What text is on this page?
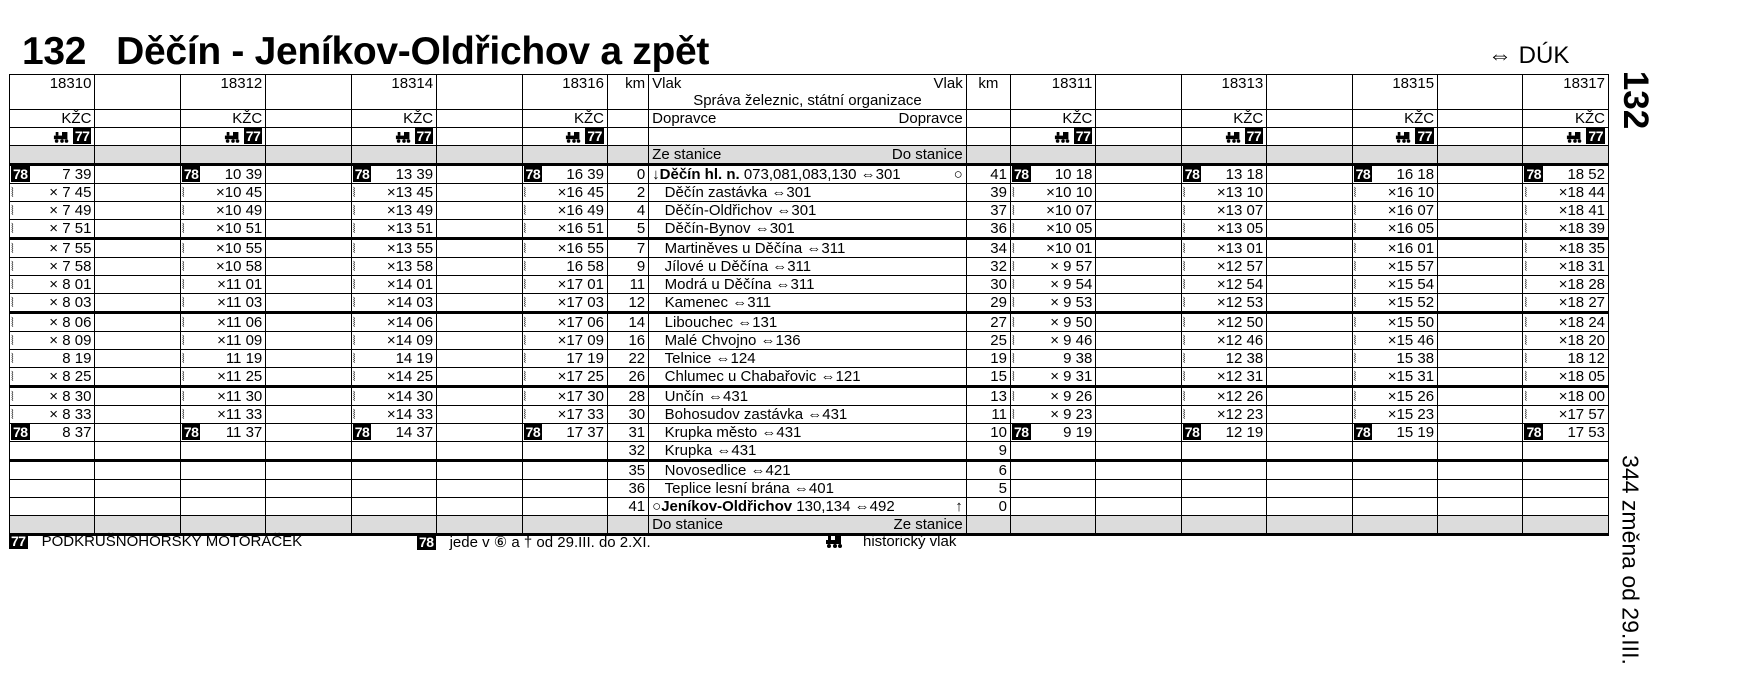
132 Děčín - Jeníkov-Oldřichov a zpět	⇔ DÚK
132
344 změna od 29.III.
18310		18312		18314		18316	km	Vlak Vlak	km	18311		18313		18315		18317
								Správa železnic, státní organizace								
KŽC		KŽC		KŽC		KŽC		Dopravce Dopravce		KŽC		KŽC		KŽC		KŽC
77		77		77		77				77		77		77		77

								Ze stanice Do stanice								

78 7 39		78 10 39		78 13 39		78 16 39	0	↓Děčín hl. n. 073,081,083,130 ⇔301 ○	41	78 10 18		78 13 18		78 16 18		78 18 52

⦚ × 7 45		⦚ ×10 45		⦚ ×13 45		⦚ ×16 45	2	Děčín zastávka ⇔301	39	⦚ ×10 10		⦚ ×13 10		⦚ ×16 10		⦚ ×18 44

⦚ × 7 49		⦚ ×10 49		⦚ ×13 49		⦚ ×16 49	4	Děčín-Oldřichov ⇔301	37	⦚ ×10 07		⦚ ×13 07		⦚ ×16 07		⦚ ×18 41

⦚ × 7 51		⦚ ×10 51		⦚ ×13 51		⦚ ×16 51	5	Děčín-Bynov ⇔301	36	⦚ ×10 05		⦚ ×13 05		⦚ ×16 05		⦚ ×18 39

⦚ × 7 55		⦚ ×10 55		⦚ ×13 55		⦚ ×16 55	7	Martiněves u Děčína ⇔311	34	⦚ ×10 01		⦚ ×13 01		⦚ ×16 01		⦚ ×18 35

⦚ × 7 58		⦚ ×10 58		⦚ ×13 58		⦚ 16 58	9	Jílové u Děčína ⇔311	32	⦚ × 9 57		⦚ ×12 57		⦚ ×15 57		⦚ ×18 31

⦚ × 8 01		⦚ ×11 01		⦚ ×14 01		⦚ ×17 01	11	Modrá u Děčína ⇔311	30	⦚ × 9 54		⦚ ×12 54		⦚ ×15 54		⦚ ×18 28

⦚ × 8 03		⦚ ×11 03		⦚ ×14 03		⦚ ×17 03	12	Kamenec ⇔311	29	⦚ × 9 53		⦚ ×12 53		⦚ ×15 52		⦚ ×18 27

⦚ × 8 06		⦚ ×11 06		⦚ ×14 06		⦚ ×17 06	14	Libouchec ⇔131	27	⦚ × 9 50		⦚ ×12 50		⦚ ×15 50		⦚ ×18 24

⦚ × 8 09		⦚ ×11 09		⦚ ×14 09		⦚ ×17 09	16	Malé Chvojno ⇔136	25	⦚ × 9 46		⦚ ×12 46		⦚ ×15 46		⦚ ×18 20

⦚ 8 19		⦚ 11 19		⦚ 14 19		⦚ 17 19	22	Telnice ⇔124	19	⦚ 9 38		⦚ 12 38		⦚ 15 38		⦚ 18 12

⦚ × 8 25		⦚ ×11 25		⦚ ×14 25		⦚ ×17 25	26	Chlumec u Chabařovic ⇔121	15	⦚ × 9 31		⦚ ×12 31		⦚ ×15 31		⦚ ×18 05

⦚ × 8 30		⦚ ×11 30		⦚ ×14 30		⦚ ×17 30	28	Unčín ⇔431	13	⦚ × 9 26		⦚ ×12 26		⦚ ×15 26		⦚ ×18 00

⦚ × 8 33		⦚ ×11 33		⦚ ×14 33		⦚ ×17 33	30	Bohosudov zastávka ⇔431	11	⦚ × 9 23		⦚ ×12 23		⦚ ×15 23		⦚ ×17 57

78 8 37		78 11 37		78 14 37		78 17 37	31	Krupka město ⇔431	10	78 9 19		78 12 19		78 15 19		78 17 53
							32	Krupka ⇔431	9							
							35	Novosedlice ⇔421	6							
							36	Teplice lesní brána ⇔401	5							
							41	○Jeníkov-Oldřichov 130,134 ⇔492 ↑	0							

								Do stanice Ze stanice								

77 PODKRUŠNOHORSKÝ MOTORÁČEK	78 jede v ⑥ a † od 29.III. do 2.XI.	historický vlak
